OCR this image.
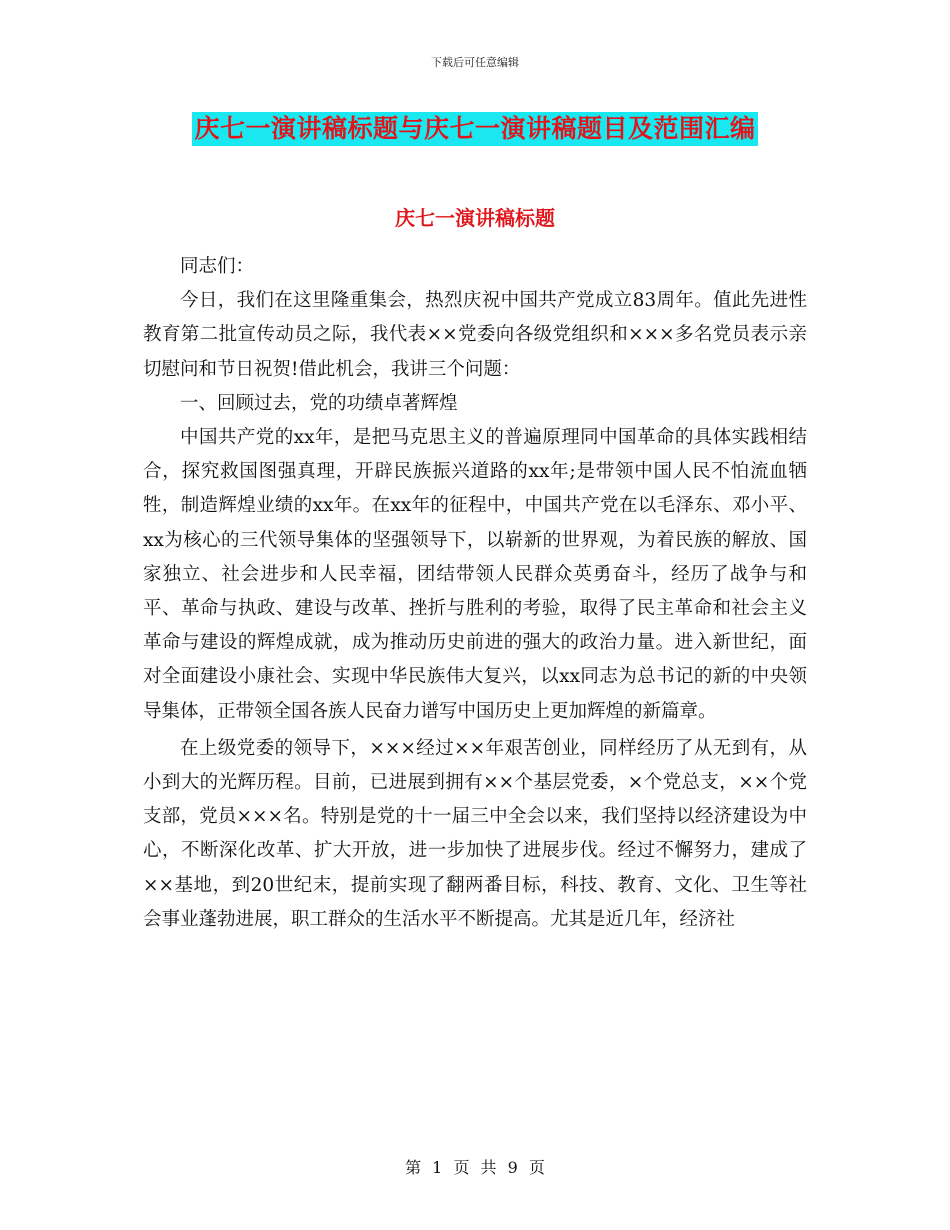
下载后可任意编辑
庆七一演讲稿标题与庆七一演讲稿题目及范围汇编
庆七一演讲稿标题

同志们：

今日，我们在这里隆重集会，热烈庆祝中国共产党成立83周年。值此先进性教育第二批宣传动员之际，我代表××党委向各级党组织和×××多名党员表示亲切慰问和节日祝贺!借此机会，我讲三个问题：

一、回顾过去，党的功绩卓著辉煌

中国共产党的xx年，是把马克思主义的普遍原理同中国革命的具体实践相结合，探究救国图强真理，开辟民族振兴道路的xx年;是带领中国人民不怕流血牺牲，制造辉煌业绩的xx年。在xx年的征程中，中国共产党在以毛泽东、邓小平、xx为核心的三代领导集体的坚强领导下，以崭新的世界观，为着民族的解放、国家独立、社会进步和人民幸福，团结带领人民群众英勇奋斗，经历了战争与和平、革命与执政、建设与改革、挫折与胜利的考验，取得了民主革命和社会主义革命与建设的辉煌成就，成为推动历史前进的强大的政治力量。进入新世纪，面对全面建设小康社会、实现中华民族伟大复兴，以xx同志为总书记的新的中央领导集体，正带领全国各族人民奋力谱写中国历史上更加辉煌的新篇章。

在上级党委的领导下，×××经过××年艰苦创业，同样经历了从无到有，从小到大的光辉历程。目前，已进展到拥有××个基层党委，×个党总支，××个党支部，党员×××名。特别是党的十一届三中全会以来，我们坚持以经济建设为中心，不断深化改革、扩大开放，进一步加快了进展步伐。经过不懈努力，建成了××基地，到20世纪末，提前实现了翻两番目标，科技、教育、文化、卫生等社会事业蓬勃进展，职工群众的生活水平不断提高。尤其是近几年，经济社

第 1 页 共 9 页
